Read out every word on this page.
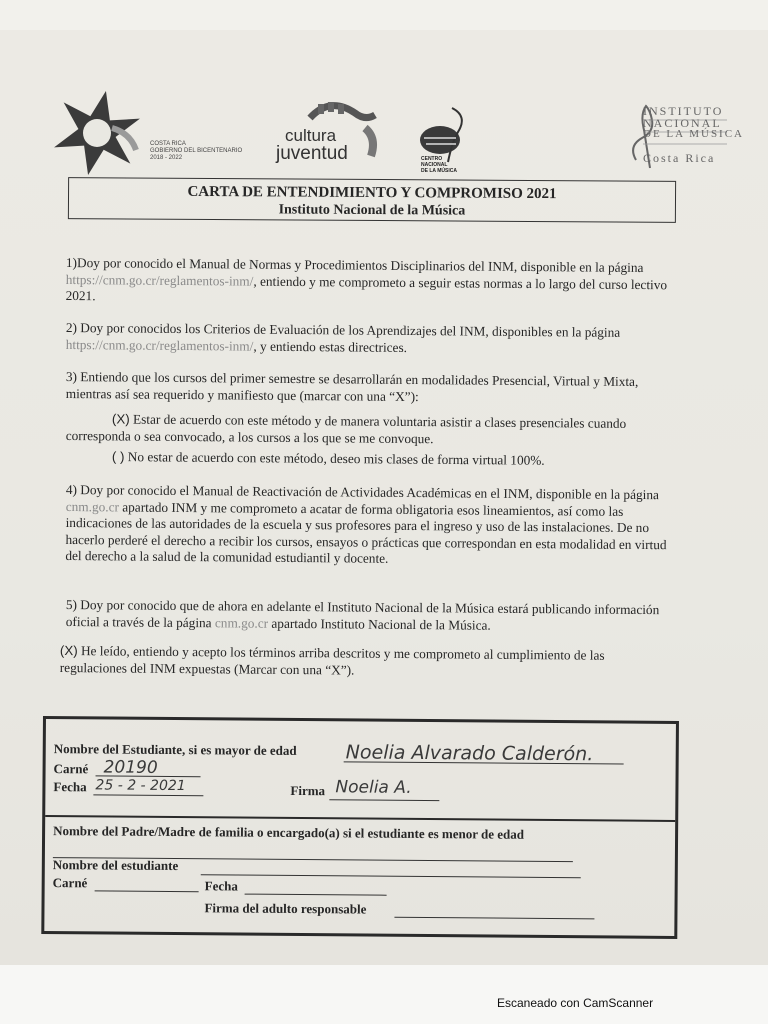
COSTA RICA
GOBIERNO DEL BICENTENARIO
2018 - 2022
cultura
juventud	CENTRO
NACIONAL
DE LA MÚSICA
INSTITUTO
NACIONAL
DE LA MÚSICA
Costa Rica
CARTA DE ENTENDIMIENTO Y COMPROMISO 2021
Instituto Nacional de la Música
1)Doy por conocido el Manual de Normas y Procedimientos Disciplinarios del INM, disponible en la página https://cnm.go.cr/reglamentos-inm/, entiendo y me comprometo a seguir estas normas a lo largo del curso lectivo 2021.
2) Doy por conocidos los Criterios de Evaluación de los Aprendizajes del INM, disponibles en la página https://cnm.go.cr/reglamentos-inm/, y entiendo estas directrices.
3) Entiendo que los cursos del primer semestre se desarrollarán en modalidades Presencial, Virtual y Mixta, mientras así sea requerido y manifiesto que (marcar con una “X”):
(X) Estar de acuerdo con este método y de manera voluntaria asistir a clases presenciales cuando corresponda o sea convocado, a los cursos a los que se me convoque.
( ) No estar de acuerdo con este método, deseo mis clases de forma virtual 100%.
4) Doy por conocido el Manual de Reactivación de Actividades Académicas en el INM, disponible en la página cnm.go.cr apartado INM y me comprometo a acatar de forma obligatoria esos lineamientos, así como las indicaciones de las autoridades de la escuela y sus profesores para el ingreso y uso de las instalaciones. De no hacerlo perderé el derecho a recibir los cursos, ensayos o prácticas que correspondan en esta modalidad en virtud del derecho a la salud de la comunidad estudiantil y docente.
5) Doy por conocido que de ahora en adelante el Instituto Nacional de la Música estará publicando información oficial a través de la página cnm.go.cr apartado Instituto Nacional de la Música.
(X) He leído, entiendo y acepto los términos arriba descritos y me comprometo al cumplimiento de las regulaciones del INM expuestas (Marcar con una “X”).
Nombre del Estudiante, si es mayor de edad	Noelia Alvarado Calderón.
Carné 20190
Fecha 25 - 2 - 2021	Firma Noelia A.
Nombre del Padre/Madre de familia o encargado(a) si el estudiante es menor de edad
Nombre del estudiante
Carné	Fecha
Firma del adulto responsable
Escaneado con CamScanner
